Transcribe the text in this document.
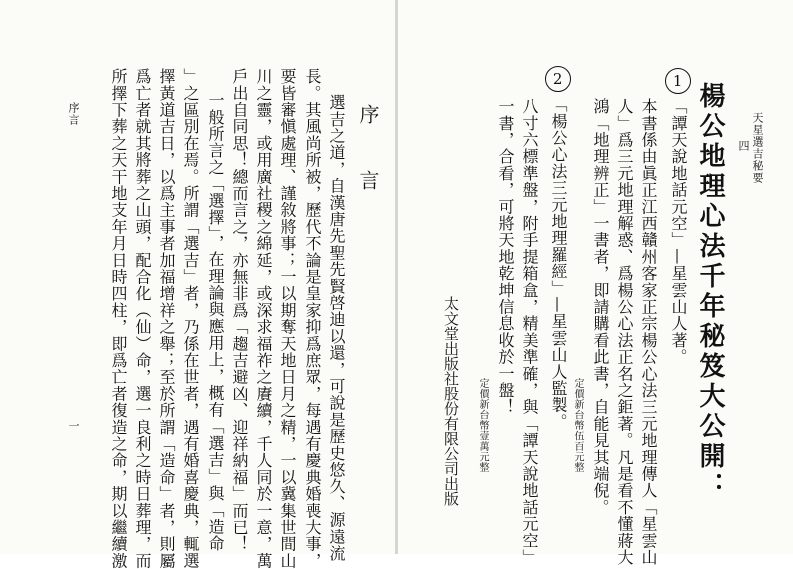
序言
一
序　　言
選吉之道，自漢唐先聖先賢啓迪以還，可說是歷史悠久、源遠流
長。其風尚所被，歷代不論是皇家抑爲庶眾，每遇有慶典婚喪大事，
要皆審愼處理、謹敘將事；一以期奪天地日月之精，一以冀集世間山
川之靈，或用廣社稷之綿延，或深求福祚之賡續，千人同於一意，萬
戶出自同思！總而言之，亦無非爲「趨吉避凶、迎祥納福」而已！
一般所言之「選擇」，在理論與應用上，概有「選吉」與「造命
」之區別在焉。所謂「選吉」者，乃係在世者，遇有婚喜慶典，輒選
擇黃道吉日，以爲主事者加福增祥之舉；至於所謂「造命」者，則屬
爲亡者就其將葬之山頭，配合化（仙）命，選一良利之時日葬理，而
所擇下葬之天干地支年月日時四柱，即爲亡者復造之命，期以繼續激	天星選吉秘要
四
楊公地理心法千年秘笈大公開：
1「譚天說地話元空」—星雲山人著。
本書係由眞正江西贛州客家正宗楊公心法三元地理傳人「星雲山
人」爲三元地理解惑、爲楊公心法正名之鉅著。凡是看不懂蔣大
鴻「地理辨正」一書者，即請購看此書，自能見其端倪。
定價新台幣伍百元整
2「楊公心法三元地理羅經」—星雲山人監製。
八寸六標準盤，附手提箱盒，精美準確，與「譚天說地話元空」
一書，合看，可將天地乾坤信息收於一盤！
定價新台幣壹萬元整
太文堂出版社股份有限公司出版
